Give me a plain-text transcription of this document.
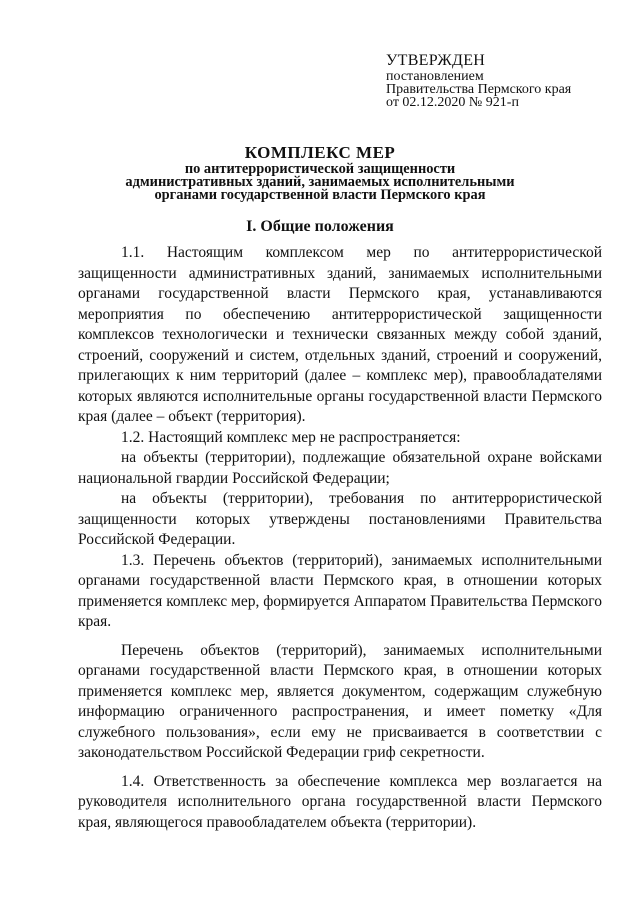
УТВЕРЖДЕН
постановлением
Правительства Пермского края
от 02.12.2020 № 921-п
КОМПЛЕКС МЕР
по антитеррористической защищенности
административных зданий, занимаемых исполнительными
органами государственной власти Пермского края
I. Общие положения

1.1. Настоящим комплексом мер по антитеррористической защищенности административных зданий, занимаемых исполнительными органами государственной власти Пермского края, устанавливаются мероприятия по обеспечению антитеррористической защищенности комплексов технологически и технически связанных между собой зданий, строений, сооружений и систем, отдельных зданий, строений и сооружений, прилегающих к ним территорий (далее – комплекс мер), правообладателями которых являются исполнительные органы государственной власти Пермского края (далее – объект (территория).

1.2. Настоящий комплекс мер не распространяется:

на объекты (территории), подлежащие обязательной охране войсками национальной гвардии Российской Федерации;

на объекты (территории), требования по антитеррористической защищенности которых утверждены постановлениями Правительства Российской Федерации.

1.3. Перечень объектов (территорий), занимаемых исполнительными органами государственной власти Пермского края, в отношении которых применяется комплекс мер, формируется Аппаратом Правительства Пермского края.

Перечень объектов (территорий), занимаемых исполнительными органами государственной власти Пермского края, в отношении которых применяется комплекс мер, является документом, содержащим служебную информацию ограниченного распространения, и имеет пометку «Для служебного пользования», если ему не присваивается в соответствии с законодательством Российской Федерации гриф секретности.

1.4. Ответственность за обеспечение комплекса мер возлагается на руководителя исполнительного органа государственной власти Пермского края, являющегося правообладателем объекта (территории).
